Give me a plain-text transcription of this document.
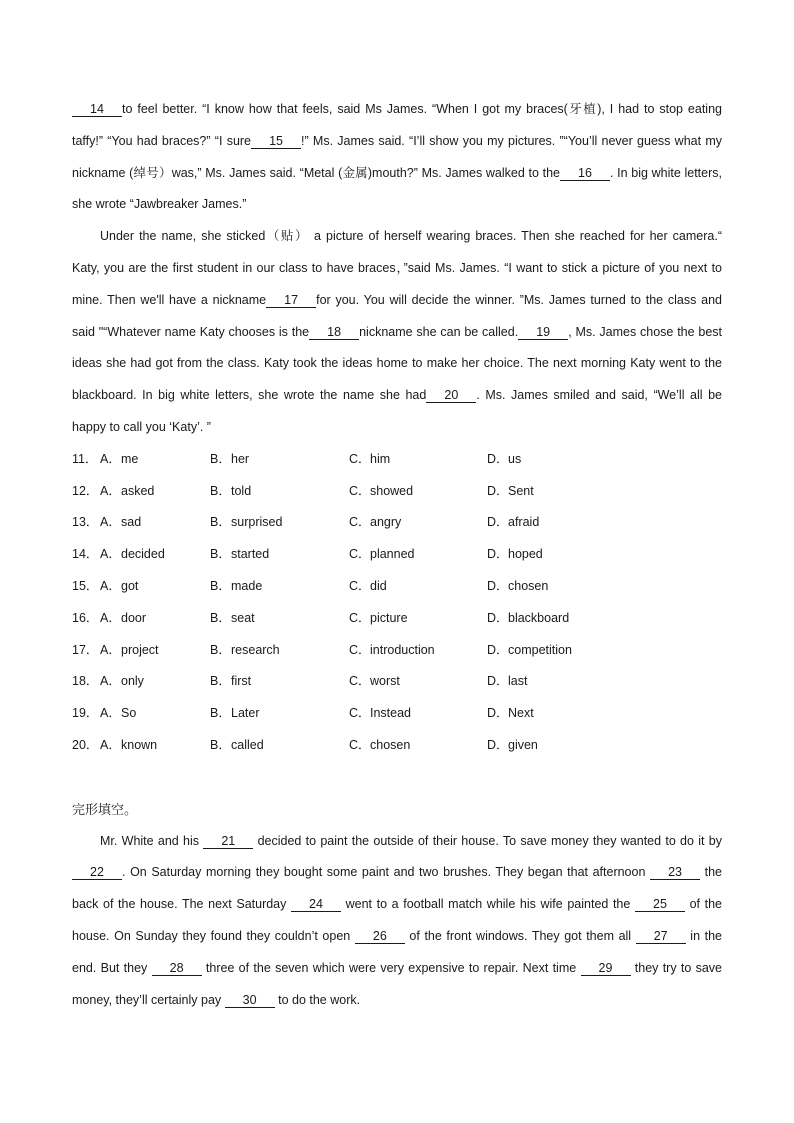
14 to feel better. “I know how that feels, said Ms James. “When I got my braces(牙植), I had to stop eating taffy!” “You had braces?” “I sure 15 !” Ms. James said. “I’ll show you my pictures. ”“You’ll never guess what my nickname (绰号）was,” Ms. James said. “Metal (金属)mouth?” Ms. James walked to the 16 . In big white letters, she wrote “Jawbreaker James.”

Under the name, she sticked（贴） a picture of herself wearing braces. Then she reached for her camera.“ Katy, you are the first student in our class to have braces，”said Ms. James. “I want to stick a picture of you next to mine. Then we'll have a nickname 17 for you. You will decide the winner. ”Ms. James turned to the class and said "“Whatever name Katy chooses is the 18 nickname she can be called. 19 , Ms. James chose the best ideas she had got from the class. Katy took the ideas home to make her choice. The next morning Katy went to the blackboard. In big white letters, she wrote the name she had 20 . Ms. James smiled and said, “We’ll all be happy to call you ‘Katy’. ”

11． A．me	B．her	C．him	D．us
12． A．asked	B．told	C．showed	D．Sent
13． A．sad	B．surprised	C．angry	D．afraid
14． A．decided	B．started	C．planned	D．hoped
15． A．got	B．made	C．did	D．chosen
16． A．door	B．seat	C．picture	D．blackboard
17． A．project	B．research	C．introduction	D．competition
18． A．only	B．first	C．worst	D．last
19． A．So	B．Later	C．Instead	D．Next
20． A．known	B．called	C．chosen	D．given
完形填空。

Mr. White and his 21 decided to paint the outside of their house. To save money they wanted to do it by 22 . On Saturday morning they bought some paint and two brushes. They began that afternoon 23 the back of the house. The next Saturday 24 went to a football match while his wife painted the 25 of the house. On Sunday they found they couldn’t open 26 of the front windows. They got them all 27 in the end. But they 28 three of the seven which were very expensive to repair. Next time 29 they try to save money, they’ll certainly pay 30 to do the work.
